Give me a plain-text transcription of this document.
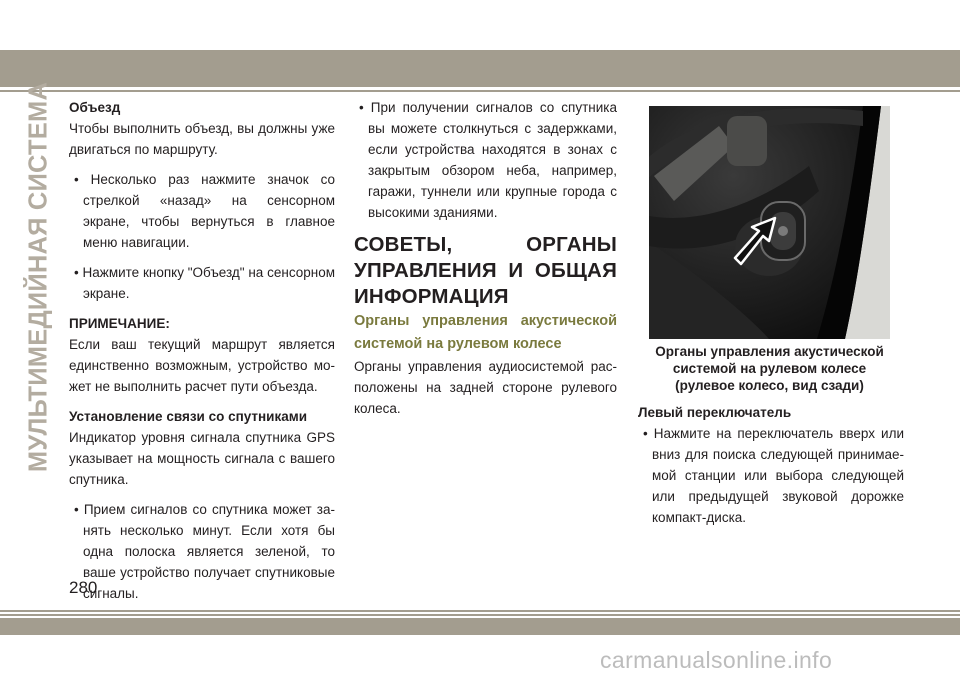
МУЛЬТИМЕДИЙНАЯ СИСТЕМА Объезд

Чтобы выполнить объезд, вы должны уже двигаться по маршруту.

• Несколько раз нажмите значок со стрелкой «назад» на сенсорном экране, чтобы вернуться в главное меню навигации.

• Нажмите кнопку "Объезд" на сенсорном экране.

ПРИМЕЧАНИЕ:

Если ваш текущий маршрут является единственно возможным, устройство может не выполнить расчет пути объезда.

Установление связи со спутниками

Индикатор уровня сигнала спутника GPS указывает на мощность сигнала с вашего спутника.

• Прием сигналов со спутника может занять несколько минут. Если хотя бы одна полоска является зеленой, то ваше устройство получает спутниковые сигналы.

• При получении сигналов со спутника вы можете столкнуться с задержками, если устройства находятся в зонах с закрытым обзором неба, например, гаражи, туннели или крупные города с высокими зданиями.

СОВЕТЫ, ОРГАНЫ УПРАВЛЕНИЯ И ОБЩАЯ ИНФОРМАЦИЯ

Органы управления акустической системой на рулевом колесе

Органы управления аудиосистемой расположены на задней стороне рулевого колеса.

Органы управления акустической системой на рулевом колесе (рулевое колесо, вид сзади)

Левый переключатель

• Нажмите на переключатель вверх или вниз для поиска следующей принимаемой станции или выбора следующей или предыдущей звуковой дорожке компакт-диска.

280
carmanualsonline.info
